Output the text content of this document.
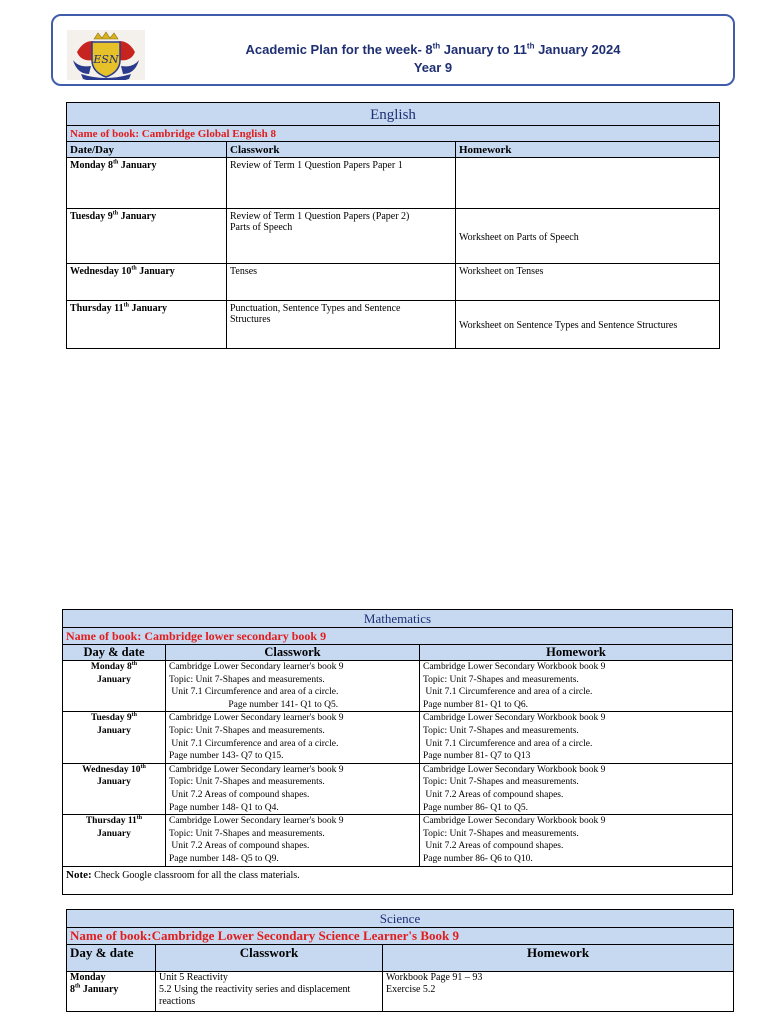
ESN
Academic Plan for the week- 8th January to 11th January 2024
Year 9
English		
Name of book: Cambridge Global English 8		
Date/Day	Classwork	Homework
Monday 8th January	Review of Term 1 Question Papers Paper 1	

Tuesday 9th January	Review of Term 1 Question Papers (Paper 2)
Parts of Speech	Worksheet on Parts of Speech
Wednesday 10th January	Tenses	Worksheet on Tenses
Thursday 11th January	Punctuation, Sentence Types and Sentence
Structures	Worksheet on Sentence Types and Sentence Structures
Mathematics		
Name of book: Cambridge lower secondary book 9		
Day & date	Classwork	Homework

Monday 8th
January	Cambridge Lower Secondary learner's book 9
Topic: Unit 7-Shapes and measurements.
Unit 7.1 Circumference and area of a circle.
Page number 141- Q1 to Q5.	Cambridge Lower Secondary Workbook book 9
Topic: Unit 7-Shapes and measurements.
Unit 7.1 Circumference and area of a circle.
Page number 81- Q1 to Q6.

Tuesday 9th
January	Cambridge Lower Secondary learner's book 9
Topic: Unit 7-Shapes and measurements.
Unit 7.1 Circumference and area of a circle.
Page number 143- Q7 to Q15.	Cambridge Lower Secondary Workbook book 9
Topic: Unit 7-Shapes and measurements.
Unit 7.1 Circumference and area of a circle.
Page number 81- Q7 to Q13

Wednesday 10th
January	Cambridge Lower Secondary learner's book 9
Topic: Unit 7-Shapes and measurements.
Unit 7.2 Areas of compound shapes.
Page number 148- Q1 to Q4.	Cambridge Lower Secondary Workbook book 9
Topic: Unit 7-Shapes and measurements.
Unit 7.2 Areas of compound shapes.
Page number 86- Q1 to Q5.

Thursday 11th
January	Cambridge Lower Secondary learner's book 9
Topic: Unit 7-Shapes and measurements.
Unit 7.2 Areas of compound shapes.
Page number 148- Q5 to Q9.	Cambridge Lower Secondary Workbook book 9
Topic: Unit 7-Shapes and measurements.
Unit 7.2 Areas of compound shapes.
Page number 86- Q6 to Q10.

Note: Check Google classroom for all the class materials.		
Science		
Name of book:Cambridge Lower Secondary Science Learner's Book 9		
Day & date	Classwork	Homework

Monday
8th January	Unit 5 Reactivity
5.2 Using the reactivity series and displacement
reactions	Workbook Page 91 – 93
Exercise 5.2
